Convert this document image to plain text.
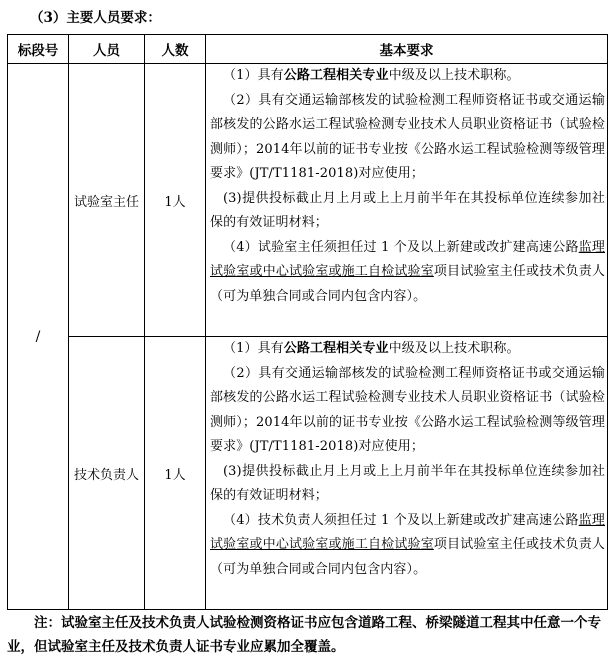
（3）主要人员要求：
标段号	人员	人数	基本要求
/	试验室主任	1人	（1）具有公路工程相关专业中级及以上技术职称。
（2）具有交通运输部核发的试验检测工程师资格证书或交通运输部核发的公路水运工程试验检测专业技术人员职业资格证书（试验检测师）；2014年以前的证书专业按《公路水运工程试验检测等级管理要求》(JT/T1181-2018)对应使用；
(3)提供投标截止月上月或上上月前半年在其投标单位连续参加社保的有效证明材料；
（4）试验室主任须担任过 1 个及以上新建或改扩建高速公路监理试验室或中心试验室或施工自检试验室项目试验室主任或技术负责人（可为单独合同或合同内包含内容）。

	技术负责人	1人	（1）具有公路工程相关专业中级及以上技术职称。
（2）具有交通运输部核发的试验检测工程师资格证书或交通运输部核发的公路水运工程试验检测专业技术人员职业资格证书（试验检测师）；2014年以前的证书专业按《公路水运工程试验检测等级管理要求》(JT/T1181-2018)对应使用；
(3)提供投标截止月上月或上上月前半年在其投标单位连续参加社保的有效证明材料；
（4）技术负责人须担任过 1 个及以上新建或改扩建高速公路监理试验室或中心试验室或施工自检试验室项目试验室主任或技术负责人（可为单独合同或合同内包含内容）。
注：试验室主任及技术负责人试验检测资格证书应包含道路工程、桥梁隧道工程其中任意一个专业，但试验室主任及技术负责人证书专业应累加全覆盖。
